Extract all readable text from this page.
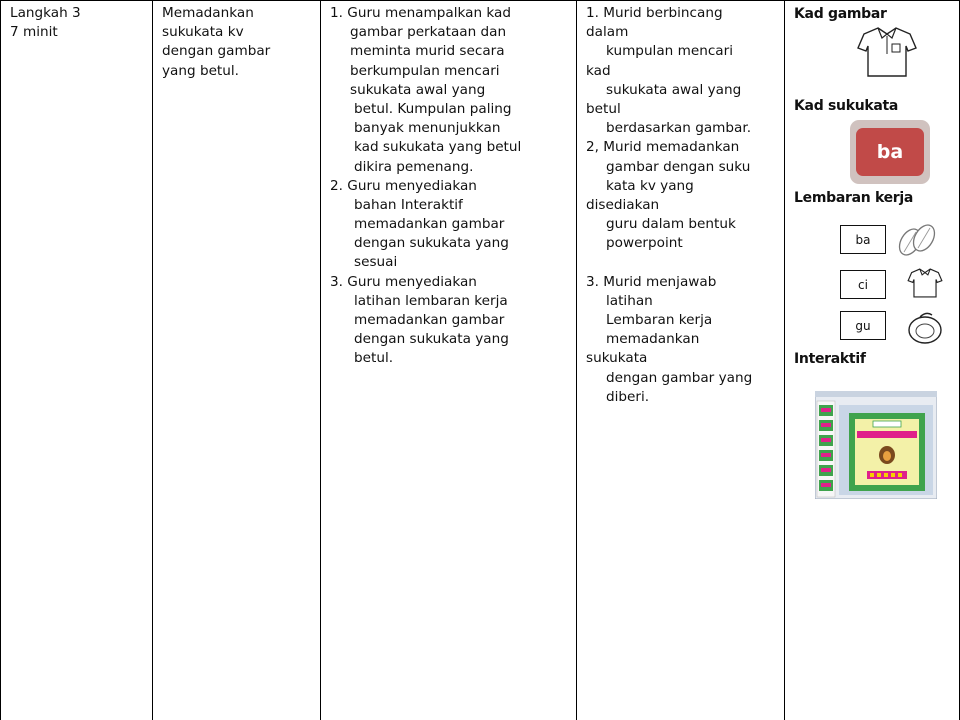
Langkah 3
7 minit
Memadankan
sukukata kv
dengan gambar
yang betul.
1. Guru menampalkan kad
gambar perkataan dan
meminta murid secara
berkumpulan mencari
sukukata awal yang
betul. Kumpulan paling
banyak menunjukkan
kad sukukata yang betul
dikira pemenang.
2. Guru menyediakan
bahan Interaktif
memadankan gambar
dengan sukukata yang
sesuai
3. Guru menyediakan
latihan lembaran kerja
memadankan gambar
dengan sukukata yang
betul.
1. Murid berbincang
dalam
kumpulan mencari
kad
sukukata awal yang
betul
berdasarkan gambar.
2, Murid memadankan
gambar dengan suku
kata kv yang
disediakan
guru dalam bentuk
powerpoint
3. Murid menjawab
latihan
Lembaran kerja
memadankan
sukukata
dengan gambar yang
diberi.
Kad gambar
Kad sukukata
ba
Lembaran kerja
ba
ci
gu
Interaktif
